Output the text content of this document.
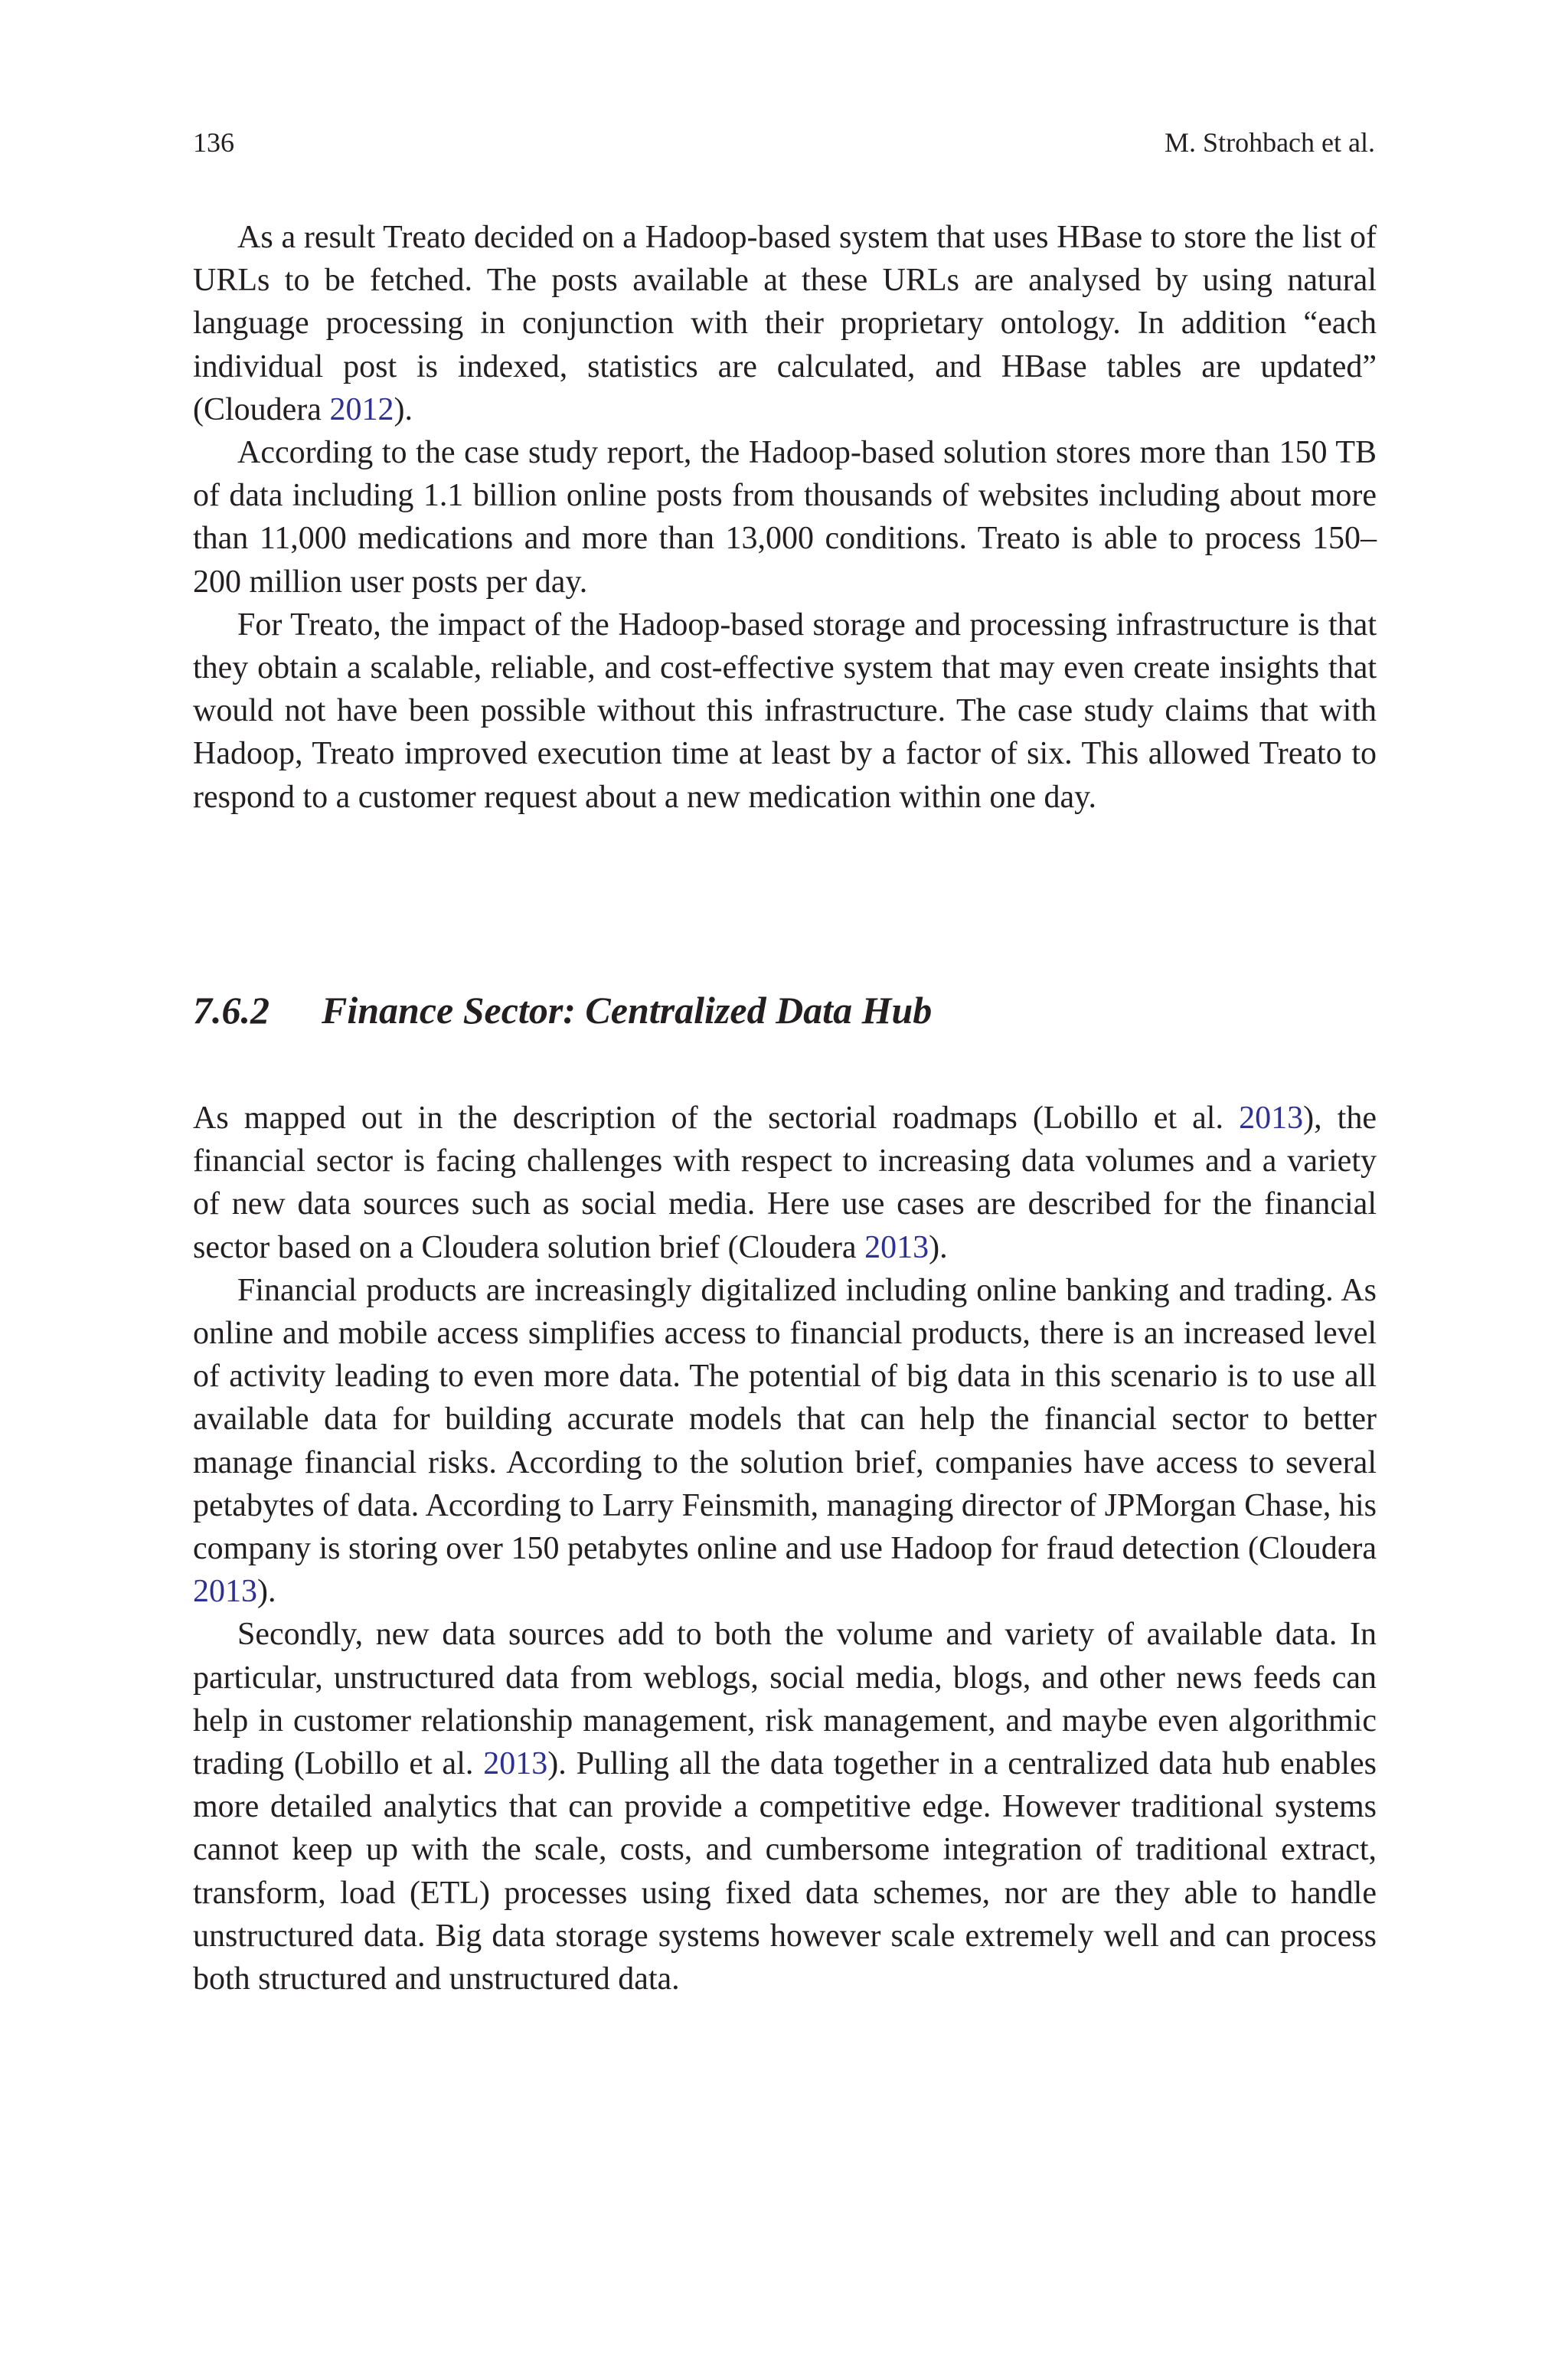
136	M. Strohbach et al.

As a result Treato decided on a Hadoop-based system that uses HBase to store the list of URLs to be fetched. The posts available at these URLs are analysed by using natural language processing in conjunction with their proprietary ontology. In addition “each individual post is indexed, statistics are calculated, and HBase tables are updated” (Cloudera 2012).

According to the case study report, the Hadoop-based solution stores more than 150 TB of data including 1.1 billion online posts from thousands of websites including about more than 11,000 medications and more than 13,000 conditions. Treato is able to process 150–200 million user posts per day.

For Treato, the impact of the Hadoop-based storage and processing infrastructure is that they obtain a scalable, reliable, and cost-effective system that may even create insights that would not have been possible without this infrastructure. The case study claims that with Hadoop, Treato improved execution time at least by a factor of six. This allowed Treato to respond to a customer request about a new medication within one day.

7.6.2 Finance Sector: Centralized Data Hub

As mapped out in the description of the sectorial roadmaps (Lobillo et al. 2013), the financial sector is facing challenges with respect to increasing data volumes and a variety of new data sources such as social media. Here use cases are described for the financial sector based on a Cloudera solution brief (Cloudera 2013).

Financial products are increasingly digitalized including online banking and trading. As online and mobile access simplifies access to financial products, there is an increased level of activity leading to even more data. The potential of big data in this scenario is to use all available data for building accurate models that can help the financial sector to better manage financial risks. According to the solution brief, companies have access to several petabytes of data. According to Larry Feinsmith, managing director of JPMorgan Chase, his company is storing over 150 petabytes online and use Hadoop for fraud detection (Cloudera 2013).

Secondly, new data sources add to both the volume and variety of available data. In particular, unstructured data from weblogs, social media, blogs, and other news feeds can help in customer relationship management, risk management, and maybe even algorithmic trading (Lobillo et al. 2013). Pulling all the data together in a centralized data hub enables more detailed analytics that can provide a competitive edge. However traditional systems cannot keep up with the scale, costs, and cumbersome integration of traditional extract, transform, load (ETL) processes using fixed data schemes, nor are they able to handle unstructured data. Big data storage systems however scale extremely well and can process both structured and unstructured data.
